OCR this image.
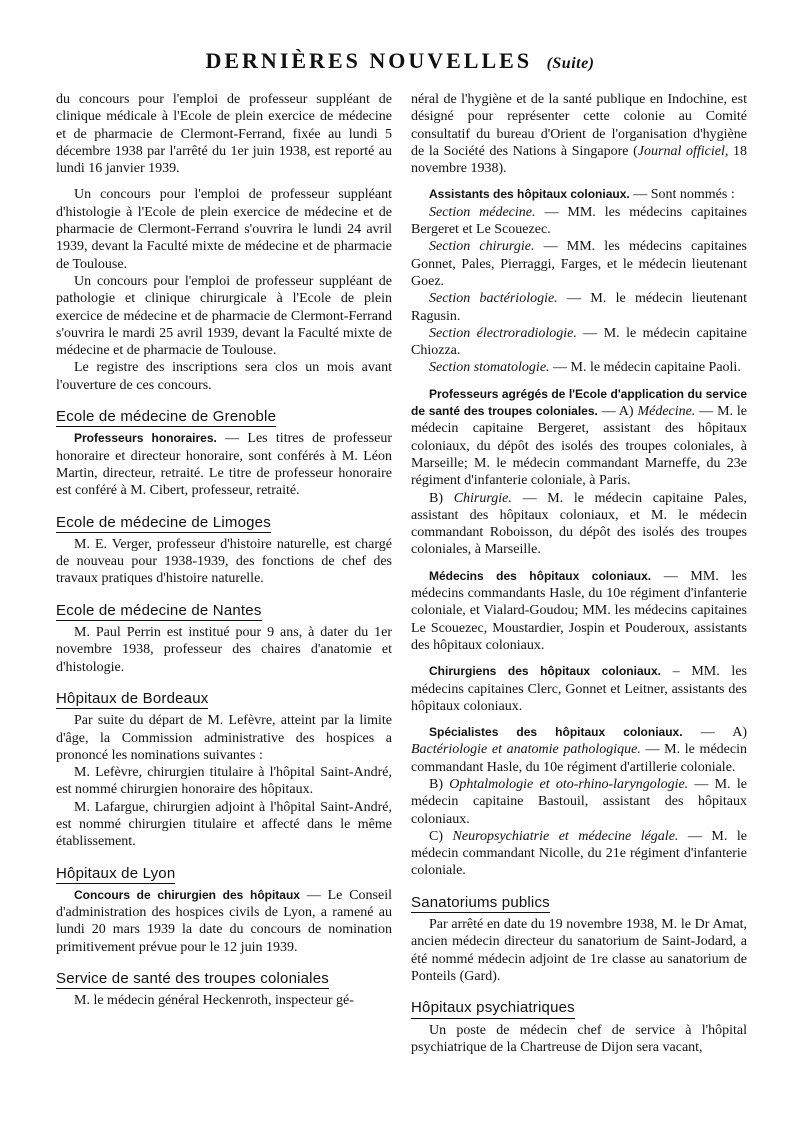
DERNIÈRES NOUVELLES (Suite)

du concours pour l'emploi de professeur suppléant de clinique médicale à l'Ecole de plein exercice de médecine et de pharmacie de Clermont-Ferrand, fixée au lundi 5 décembre 1938 par l'arrêté du 1er juin 1938, est reporté au lundi 16 janvier 1939.

Un concours pour l'emploi de professeur suppléant d'histologie à l'Ecole de plein exercice de médecine et de pharmacie de Clermont-Ferrand s'ouvrira le lundi 24 avril 1939, devant la Faculté mixte de médecine et de pharmacie de Toulouse.

Un concours pour l'emploi de professeur suppléant de pathologie et clinique chirurgicale à l'Ecole de plein exercice de médecine et de pharmacie de Clermont-Ferrand s'ouvrira le mardi 25 avril 1939, devant la Faculté mixte de médecine et de pharmacie de Toulouse.

Le registre des inscriptions sera clos un mois avant l'ouverture de ces concours.

Ecole de médecine de Grenoble

Professeurs honoraires. — Les titres de professeur honoraire et directeur honoraire, sont conférés à M. Léon Martin, directeur, retraité. Le titre de professeur honoraire est conféré à M. Cibert, professeur, retraité.

Ecole de médecine de Limoges

M. E. Verger, professeur d'histoire naturelle, est chargé de nouveau pour 1938-1939, des fonctions de chef des travaux pratiques d'histoire naturelle.

Ecole de médecine de Nantes

M. Paul Perrin est institué pour 9 ans, à dater du 1er novembre 1938, professeur des chaires d'anatomie et d'histologie.

Hôpitaux de Bordeaux

Par suite du départ de M. Lefèvre, atteint par la limite d'âge, la Commission administrative des hospices a prononcé les nominations suivantes :

M. Lefèvre, chirurgien titulaire à l'hôpital Saint-André, est nommé chirurgien honoraire des hôpitaux.

M. Lafargue, chirurgien adjoint à l'hôpital Saint-André, est nommé chirurgien titulaire et affecté dans le même établissement.

Hôpitaux de Lyon

Concours de chirurgien des hôpitaux — Le Conseil d'administration des hospices civils de Lyon, a ramené au lundi 20 mars 1939 la date du concours de nomination primitivement prévue pour le 12 juin 1939.

Service de santé des troupes coloniales

M. le médecin général Heckenroth, inspecteur gé-

néral de l'hygiène et de la santé publique en Indochine, est désigné pour représenter cette colonie au Comité consultatif du bureau d'Orient de l'organisation d'hygiène de la Société des Nations à Singapore (Journal officiel, 18 novembre 1938).

Assistants des hôpitaux coloniaux. — Sont nommés :

Section médecine. — MM. les médecins capitaines Bergeret et Le Scouezec.

Section chirurgie. — MM. les médecins capitaines Gonnet, Pales, Pierraggi, Farges, et le médecin lieutenant Goez.

Section bactériologie. — M. le médecin lieutenant Ragusin.

Section électroradiologie. — M. le médecin capitaine Chiozza.

Section stomatologie. — M. le médecin capitaine Paoli.

Professeurs agrégés de l'Ecole d'application du service de santé des troupes coloniales. — A) Médecine. — M. le médecin capitaine Bergeret, assistant des hôpitaux coloniaux, du dépôt des isolés des troupes coloniales, à Marseille; M. le médecin commandant Marneffe, du 23e régiment d'infanterie coloniale, à Paris.

B) Chirurgie. — M. le médecin capitaine Pales, assistant des hôpitaux coloniaux, et M. le médecin commandant Roboisson, du dépôt des isolés des troupes coloniales, à Marseille.

Médecins des hôpitaux coloniaux. — MM. les médecins commandants Hasle, du 10e régiment d'infanterie coloniale, et Vialard-Goudou; MM. les médecins capitaines Le Scouezec, Moustardier, Jospin et Pouderoux, assistants des hôpitaux coloniaux.

Chirurgiens des hôpitaux coloniaux. – MM. les médecins capitaines Clerc, Gonnet et Leitner, assistants des hôpitaux coloniaux.

Spécialistes des hôpitaux coloniaux. — A) Bactériologie et anatomie pathologique. — M. le médecin commandant Hasle, du 10e régiment d'artillerie coloniale.

B) Ophtalmologie et oto-rhino-laryngologie. — M. le médecin capitaine Bastouil, assistant des hôpitaux coloniaux.

C) Neuropsychiatrie et médecine légale. — M. le médecin commandant Nicolle, du 21e régiment d'infanterie coloniale.

Sanatoriums publics

Par arrêté en date du 19 novembre 1938, M. le Dr Amat, ancien médecin directeur du sanatorium de Saint-Jodard, a été nommé médecin adjoint de 1re classe au sanatorium de Ponteils (Gard).

Hôpitaux psychiatriques

Un poste de médecin chef de service à l'hôpital psychiatrique de la Chartreuse de Dijon sera vacant,
